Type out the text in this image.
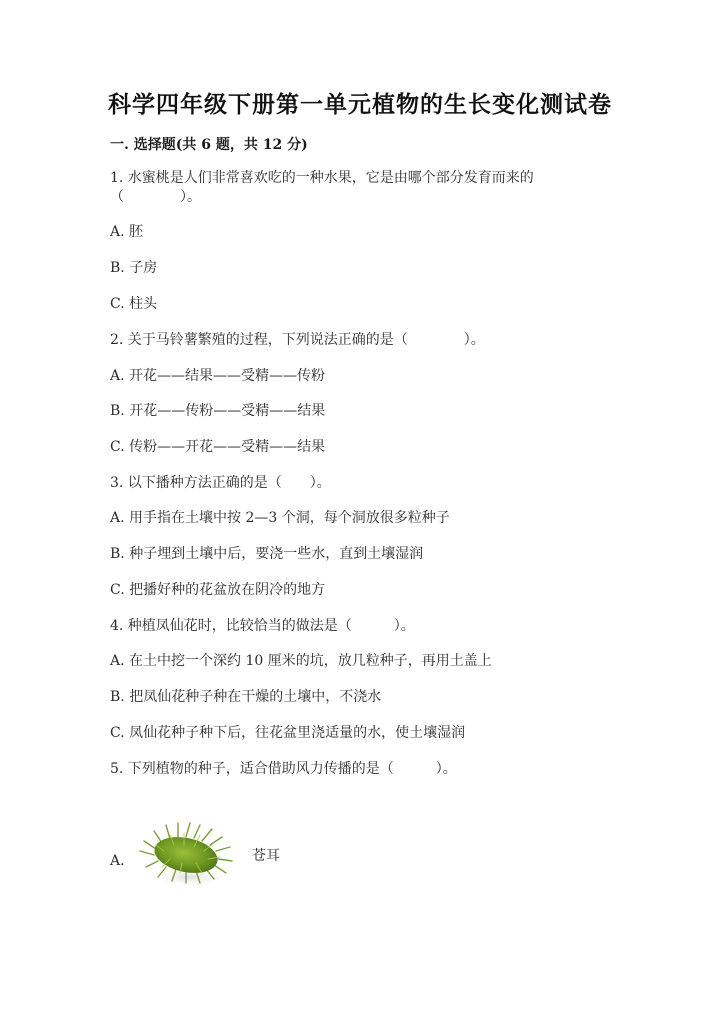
科学四年级下册第一单元植物的生长变化测试卷
一. 选择题(共 6 题，共 12 分)
1. 水蜜桃是人们非常喜欢吃的一种水果，它是由哪个部分发育而来的
（　　　　）。
A. 胚
B. 子房
C. 柱头
2. 关于马铃薯繁殖的过程，下列说法正确的是（　　　　）。
A. 开花——结果——受精——传粉
B. 开花——传粉——受精——结果
C. 传粉——开花——受精——结果
3. 以下播种方法正确的是（　　）。
A. 用手指在土壤中按 2—3 个洞，每个洞放很多粒种子
B. 种子埋到土壤中后，要浇一些水，直到土壤湿润
C. 把播好种的花盆放在阴冷的地方
4. 种植凤仙花时，比较恰当的做法是（　　　）。
A. 在土中挖一个深约 10 厘米的坑，放几粒种子，再用土盖上
B. 把凤仙花种子种在干燥的土壤中，不浇水
C. 凤仙花种子种下后，往花盆里浇适量的水，使土壤湿润
5. 下列植物的种子，适合借助风力传播的是（　　　）。
A.	苍耳
